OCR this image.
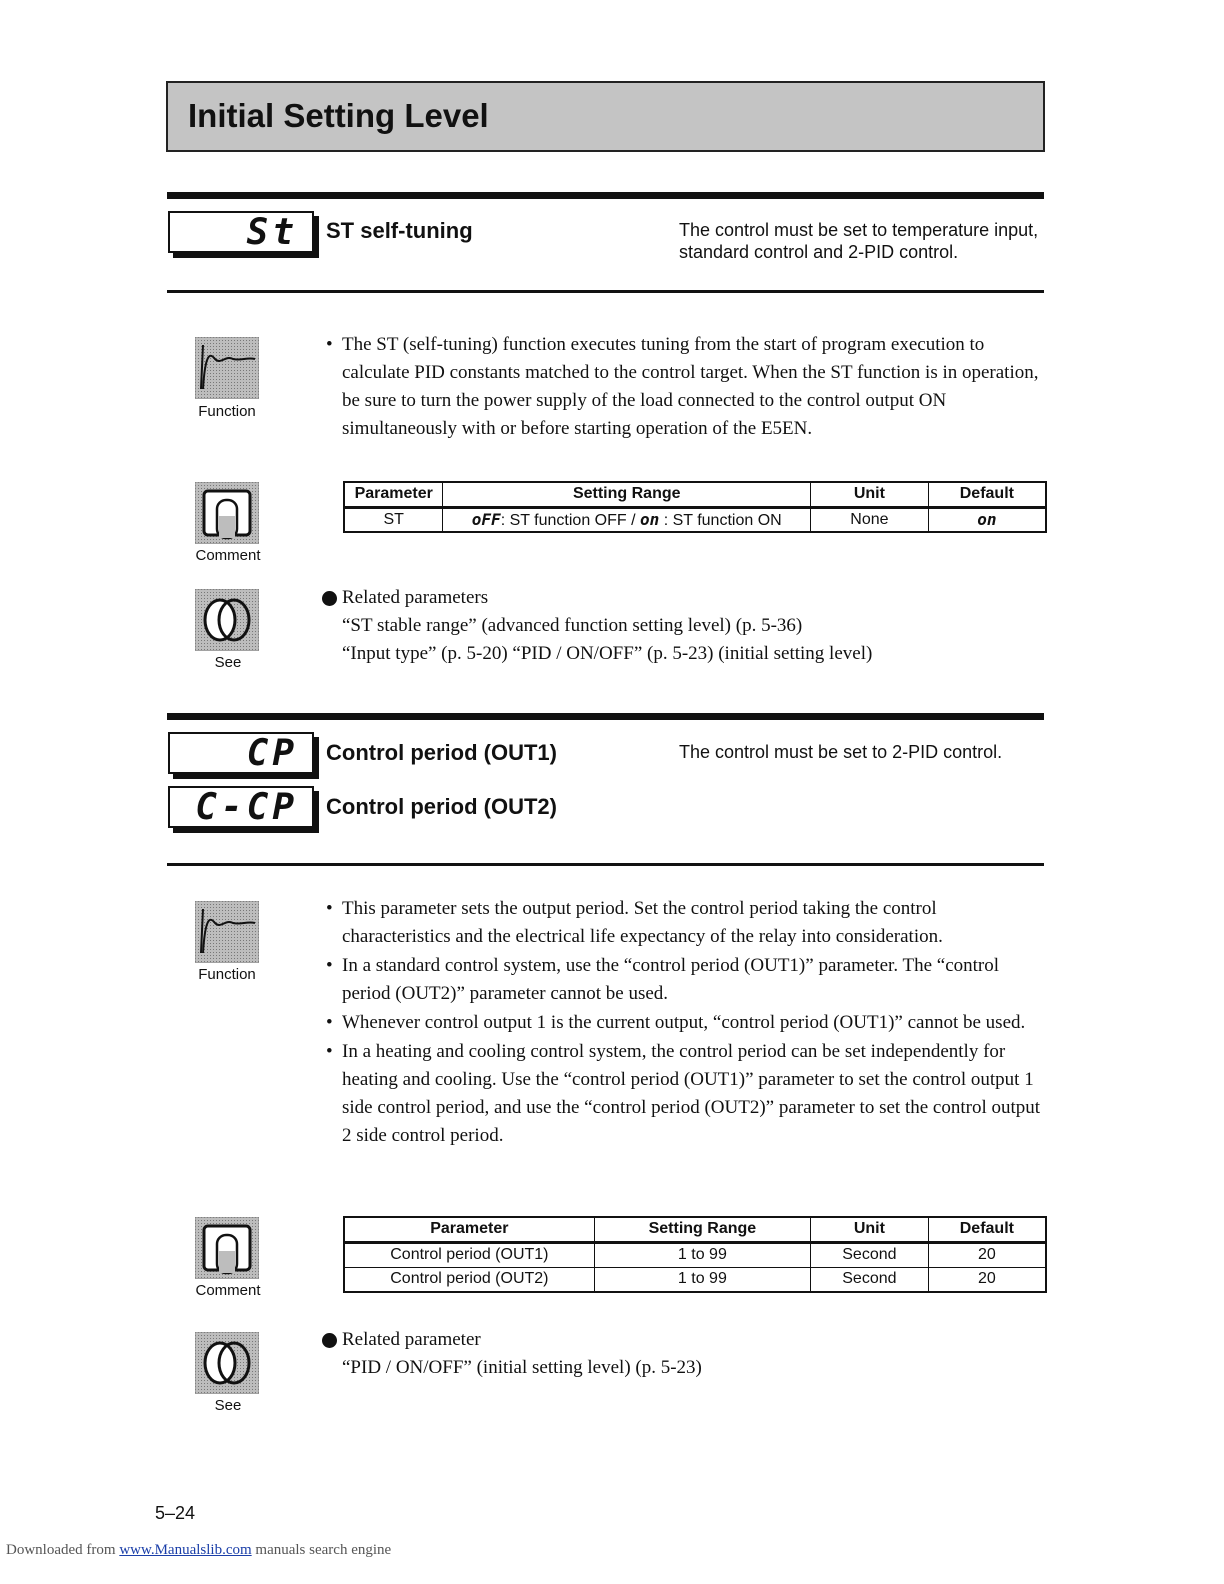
Initial Setting Level
St ST self-tuning	The control must be set to temperature input, standard control and 2-PID control.
Function
• The ST (self-tuning) function executes tuning from the start of program execution to calculate PID constants matched to the control target. When the ST function is in operation, be sure to turn the power supply of the load connected to the control output ON simultaneously with or before starting operation of the E5EN.
Comment
Parameter	Setting Range	Unit	Default
ST	oFF: ST function OFF / on : ST function ON	None	on
See
Related parameters
“ST stable range” (advanced function setting level) (p. 5-36)
“Input type” (p. 5-20) “PID / ON/OFF” (p. 5-23) (initial setting level)
CP Control period (OUT1)	The control must be set to 2-PID control.
C-CP Control period (OUT2)
Function
• This parameter sets the output period. Set the control period taking the control characteristics and the electrical life expectancy of the relay into consideration.
• In a standard control system, use the “control period (OUT1)” parameter. The “control period (OUT2)” parameter cannot be used.
• Whenever control output 1 is the current output, “control period (OUT1)” cannot be used.
• In a heating and cooling control system, the control period can be set independently for heating and cooling. Use the “control period (OUT1)” parameter to set the control output 1 side control period, and use the “control period (OUT2)” parameter to set the control output 2 side control period.
Comment
Parameter	Setting Range	Unit	Default
Control period (OUT1)	1 to 99	Second	20
Control period (OUT2)	1 to 99	Second	20
See
Related parameter
“PID / ON/OFF” (initial setting level) (p. 5-23)
5–24
Downloaded from www.Manualslib.com manuals search engine
